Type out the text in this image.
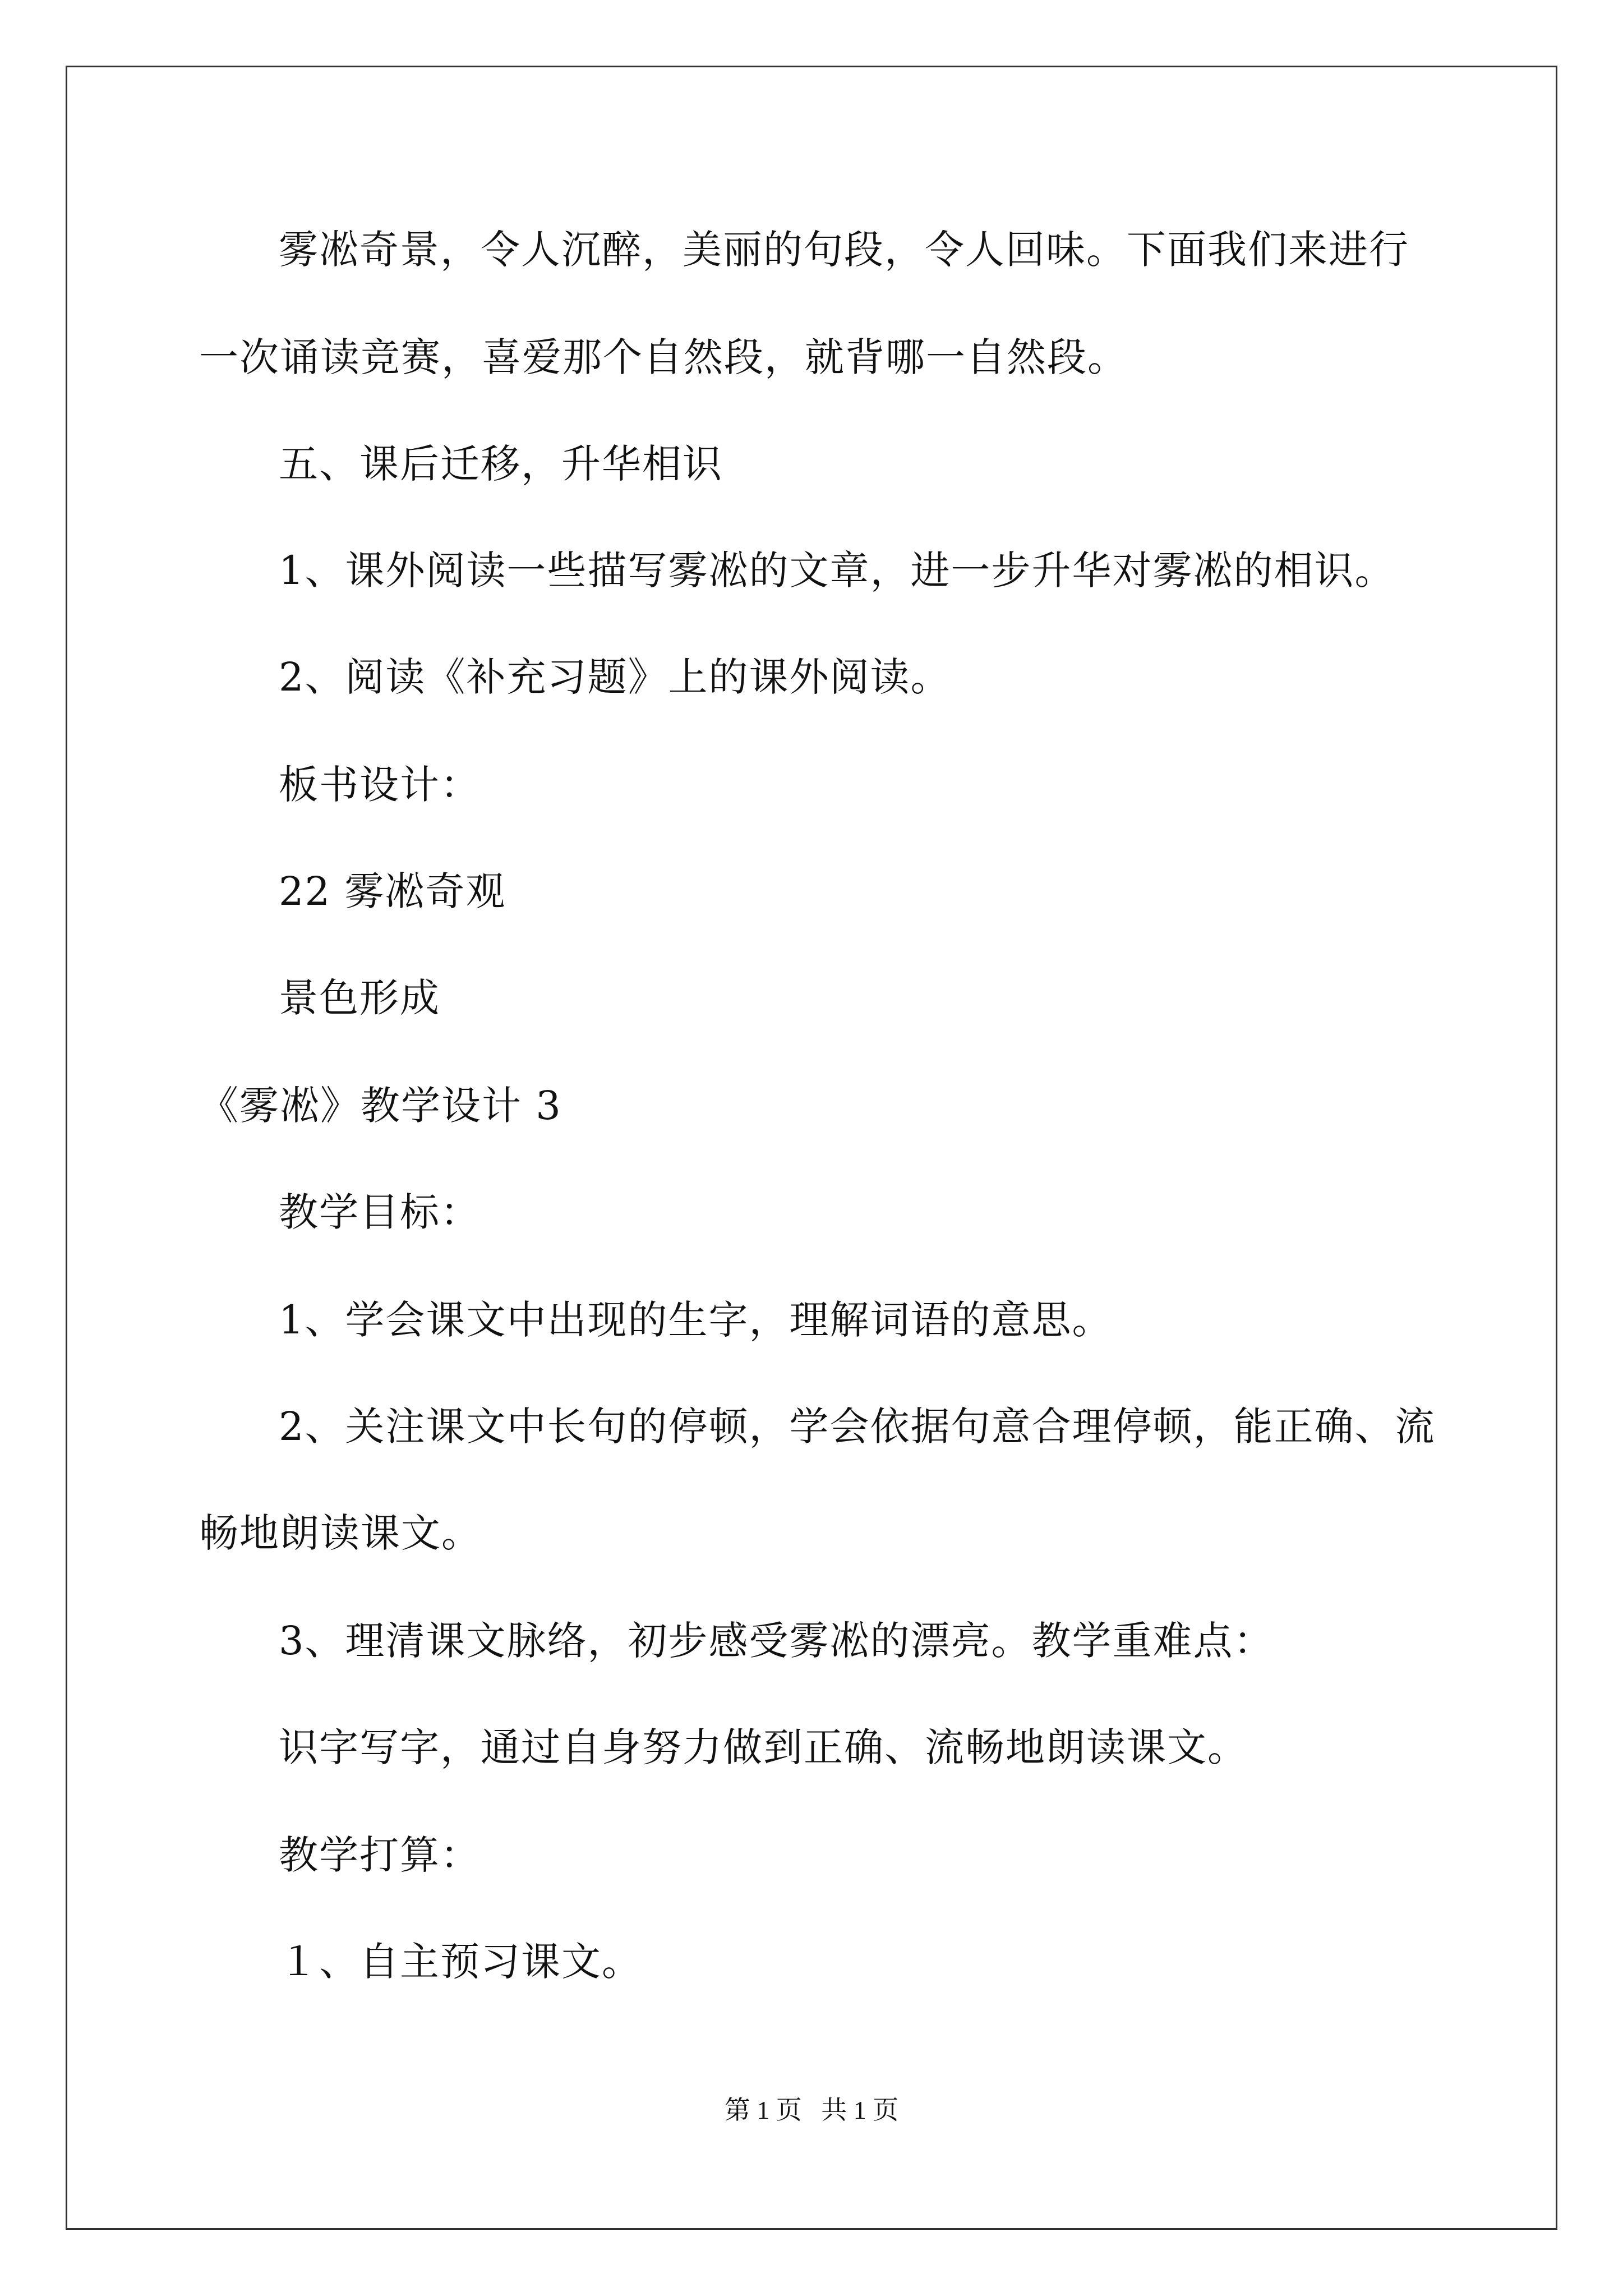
雾凇奇景，令人沉醉，美丽的句段，令人回味。下面我们来进行
一次诵读竞赛，喜爱那个自然段，就背哪一自然段。
五、课后迁移，升华相识
1、课外阅读一些描写雾凇的文章，进一步升华对雾凇的相识。
2、阅读《补充习题》上的课外阅读。
板书设计：
22 雾凇奇观
景色形成
《雾凇》教学设计 3
教学目标：
1、学会课文中出现的生字，理解词语的意思。
2、关注课文中长句的停顿，学会依据句意合理停顿，能正确、流
畅地朗读课文。
3、理清课文脉络，初步感受雾凇的漂亮。教学重难点：
识字写字，通过自身努力做到正确、流畅地朗读课文。
教学打算：
１、自主预习课文。
第 1 页   共 1 页
